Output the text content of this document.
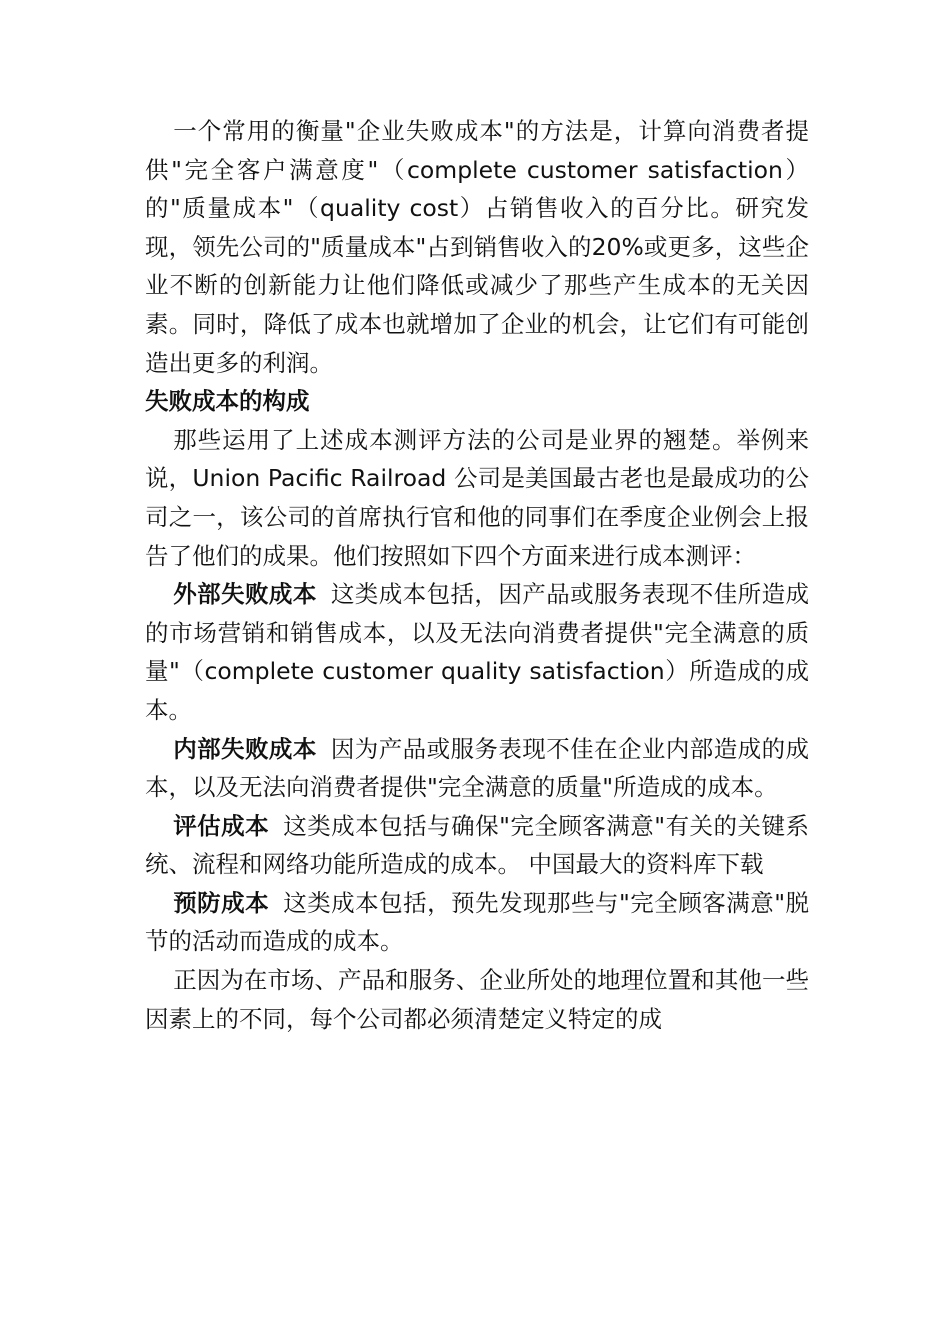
一个常用的衡量"企业失败成本"的方法是，计算向消费者提供"完全客户满意度"（complete customer satisfaction）的"质量成本"（quality cost）占销售收入的百分比。研究发现，领先公司的"质量成本"占到销售收入的20%或更多，这些企业不断的创新能力让他们降低或减少了那些产生成本的无关因素。同时，降低了成本也就增加了企业的机会，让它们有可能创造出更多的利润。

失败成本的构成

那些运用了上述成本测评方法的公司是业界的翘楚。举例来说，Union Pacific Railroad 公司是美国最古老也是最成功的公司之一，该公司的首席执行官和他的同事们在季度企业例会上报告了他们的成果。他们按照如下四个方面来进行成本测评：

外部失败成本 这类成本包括，因产品或服务表现不佳所造成的市场营销和销售成本，以及无法向消费者提供"完全满意的质量"（complete customer quality satisfaction）所造成的成本。

内部失败成本 因为产品或服务表现不佳在企业内部造成的成本，以及无法向消费者提供"完全满意的质量"所造成的成本。

评估成本 这类成本包括与确保"完全顾客满意"有关的关键系统、流程和网络功能所造成的成本。 中国最大的资料库下载

预防成本 这类成本包括，预先发现那些与"完全顾客满意"脱节的活动而造成的成本。

正因为在市场、产品和服务、企业所处的地理位置和其他一些因素上的不同，每个公司都必须清楚定义特定的成
